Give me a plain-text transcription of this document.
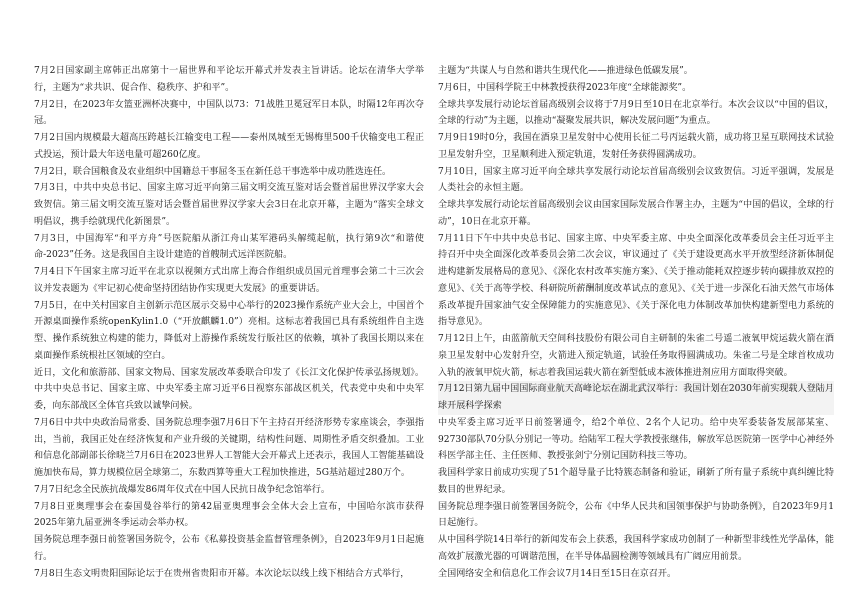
7月2日国家副主席韩正出席第十一届世界和平论坛开幕式并发表主旨讲话。论坛在清华大学举行，主题为“求共识、促合作、稳秩序、护和平”。

7月2日，在2023年女篮亚洲杯决赛中，中国队以73：71战胜卫冕冠军日本队，时隔12年再次夺冠。

7月2日国内规模最大超高压跨越长江输变电工程——泰州凤城至无锡梅里500千伏输变电工程正式投运，预计最大年送电量可超260亿度。

7月2日，联合国粮食及农业组织中国籍总干事屈冬玉在新任总干事选举中成功胜选连任。

7月3日，中共中央总书记、国家主席习近平向第三届文明交流互鉴对话会暨首届世界汉学家大会致贺信。第三届文明交流互鉴对话会暨首届世界汉学家大会3日在北京开幕，主题为“落实全球文明倡议，携手绘就现代化新图景”。

7月3日，中国海军“和平方舟”号医院船从浙江舟山某军港码头解缆起航，执行第9次“和谐使命-2023”任务。这是我国自主设计建造的首艘制式远洋医院船。

7月4日下午国家主席习近平在北京以视频方式出席上海合作组织成员国元首理事会第二十三次会议并发表题为《牢记初心使命坚持团结协作实现更大发展》的重要讲话。

7月5日，在中关村国家自主创新示范区展示交易中心举行的2023操作系统产业大会上，中国首个开源桌面操作系统openKylin1.0（“开放麒麟1.0”）亮相。这标志着我国已具有系统组件自主选型、操作系统独立构建的能力，降低对上游操作系统发行版社区的依赖，填补了我国长期以来在桌面操作系统根社区领域的空白。

近日，文化和旅游部、国家文物局、国家发展改革委联合印发了《长江文化保护传承弘扬规划》。中共中央总书记、国家主席、中央军委主席习近平6日视察东部战区机关，代表党中央和中央军委，向东部战区全体官兵致以诚挚问候。

7月6日中共中央政治局常委、国务院总理李强7月6日下午主持召开经济形势专家座谈会，李强指出，当前，我国正处在经济恢复和产业升级的关键期，结构性问题、周期性矛盾交织叠加。工业和信息化部副部长徐晓兰7月6日在2023世界人工智能大会开幕式上还表示，我国人工智能基础设施加快布局，算力规模位居全球第二，东数西算等重大工程加快推进，5G基站超过280万个。

7月7日纪念全民族抗战爆发86周年仪式在中国人民抗日战争纪念馆举行。

7月8日亚奥理事会在泰国曼谷举行的第42届亚奥理事会全体大会上宣布，中国哈尔滨市获得2025年第九届亚洲冬季运动会举办权。

国务院总理李强日前签署国务院令，公布《私募投资基金监督管理条例》，自2023年9月1日起施行。

7月8日生态文明贵阳国际论坛于在贵州省贵阳市开幕。本次论坛以线上线下相结合方式举行，

主题为“共谋人与自然和谐共生现代化——推进绿色低碳发展”。

7月6日，中国科学院王中林教授获得2023年度“全球能源奖”。

全球共享发展行动论坛首届高级别会议将于7月9日至10日在北京举行。本次会议以“中国的倡议，全球的行动”为主题，以推动“凝聚发展共识，解决发展问题”为重点。

7月9日19时0分，我国在酒泉卫星发射中心使用长征二号丙运载火箭，成功将卫星互联网技术试验卫星发射升空，卫星顺利进入预定轨道，发射任务获得圆满成功。

7月10日，国家主席习近平向全球共享发展行动论坛首届高级别会议致贺信。习近平强调，发展是人类社会的永恒主题。

全球共享发展行动论坛首届高级别会议由国家国际发展合作署主办，主题为“中国的倡议，全球的行动”，10日在北京开幕。

7月11日下午中共中央总书记、国家主席、中央军委主席、中央全面深化改革委员会主任习近平主持召开中央全面深化改革委员会第二次会议，审议通过了《关于建设更高水平开放型经济新体制促进构建新发展格局的意见》、《深化农村改革实施方案》、《关于推动能耗双控逐步转向碳排放双控的意见》、《关于高等学校、科研院所薪酬制度改革试点的意见》、《关于进一步深化石油天然气市场体系改革提升国家油气安全保障能力的实施意见》、《关于深化电力体制改革加快构建新型电力系统的指导意见》。

7月12日上午，由蓝箭航天空间科技股份有限公司自主研制的朱雀二号遥二液氧甲烷运载火箭在酒泉卫星发射中心发射升空，火箭进入预定轨道，试验任务取得圆满成功。朱雀二号是全球首枚成功入轨的液氧甲烷火箭，标志着我国运载火箭在新型低成本液体推进剂应用方面取得突破。

7月12日第九届中国国际商业航天高峰论坛在湖北武汉举行：我国计划在2030年前实现载人登陆月球开展科学探索

中央军委主席习近平日前签署通令，给2个单位、2名个人记功。给中央军委装备发展部某室、92730部队70分队分别记一等功。给陆军工程大学教授张继伟，解放军总医院第一医学中心神经外科医学部主任、主任医师、教授张剑宁分别记国防科技三等功。

我国科学家日前成功实现了51个超导量子比特簇态制备和验证，刷新了所有量子系统中真纠缠比特数目的世界纪录。

国务院总理李强日前签署国务院令，公布《中华人民共和国领事保护与协助条例》，自2023年9月1日起施行。

从中国科学院14日举行的新闻发布会上获悉，我国科学家成功创制了一种新型非线性光学晶体，能高效扩展激光器的可调谐范围，在半导体晶圆检测等领域具有广阔应用前景。

全国网络安全和信息化工作会议7月14日至15日在京召开。
